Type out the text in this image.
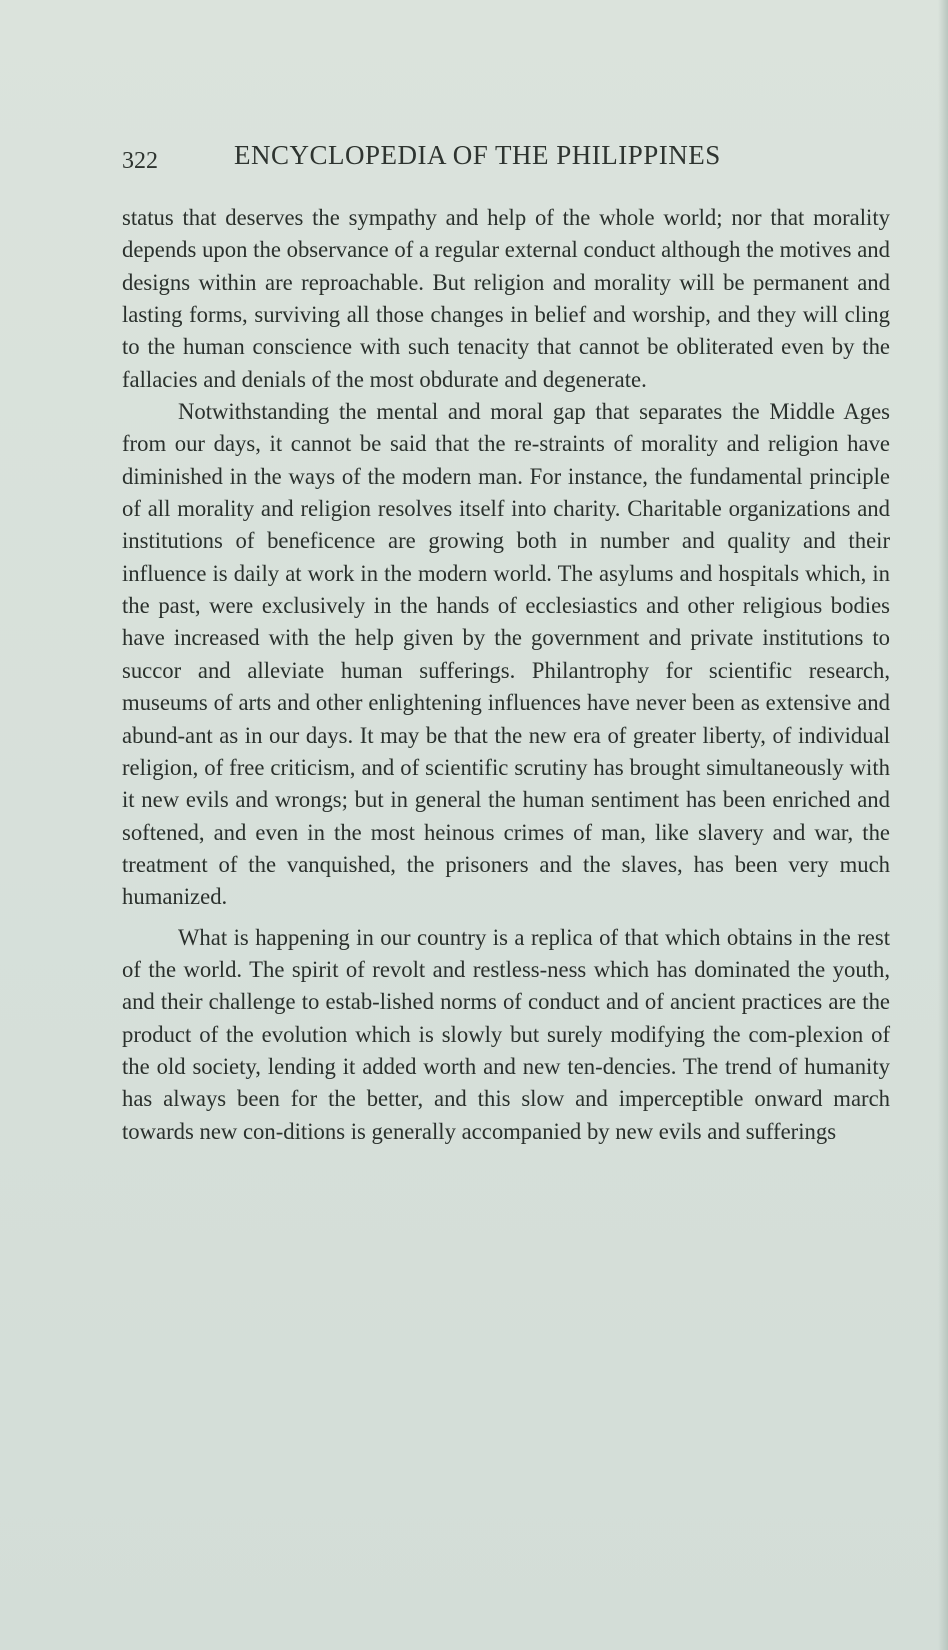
322	ENCYCLOPEDIA OF THE PHILIPPINES

status that deserves the sympathy and help of the whole world; nor that morality depends upon the observance of a regular external conduct although the motives and designs within are reproachable. But religion and morality will be permanent and lasting forms, surviving all those changes in belief and worship, and they will cling to the human conscience with such tenacity that cannot be obliterated even by the fallacies and denials of the most obdurate and degenerate.

Notwithstanding the mental and moral gap that separates the Middle Ages from our days, it cannot be said that the re-straints of morality and religion have diminished in the ways of the modern man. For instance, the fundamental principle of all morality and religion resolves itself into charity. Charitable organizations and institutions of beneficence are growing both in number and quality and their influence is daily at work in the modern world. The asylums and hospitals which, in the past, were exclusively in the hands of ecclesiastics and other religious bodies have increased with the help given by the government and private institutions to succor and alleviate human sufferings. Philantrophy for scientific research, museums of arts and other enlightening influences have never been as extensive and abund-ant as in our days. It may be that the new era of greater liberty, of individual religion, of free criticism, and of scientific scrutiny has brought simultaneously with it new evils and wrongs; but in general the human sentiment has been enriched and softened, and even in the most heinous crimes of man, like slavery and war, the treatment of the vanquished, the prisoners and the slaves, has been very much humanized.

What is happening in our country is a replica of that which obtains in the rest of the world. The spirit of revolt and restless-ness which has dominated the youth, and their challenge to estab-lished norms of conduct and of ancient practices are the product of the evolution which is slowly but surely modifying the com-plexion of the old society, lending it added worth and new ten-dencies. The trend of humanity has always been for the better, and this slow and imperceptible onward march towards new con-ditions is generally accompanied by new evils and sufferings
